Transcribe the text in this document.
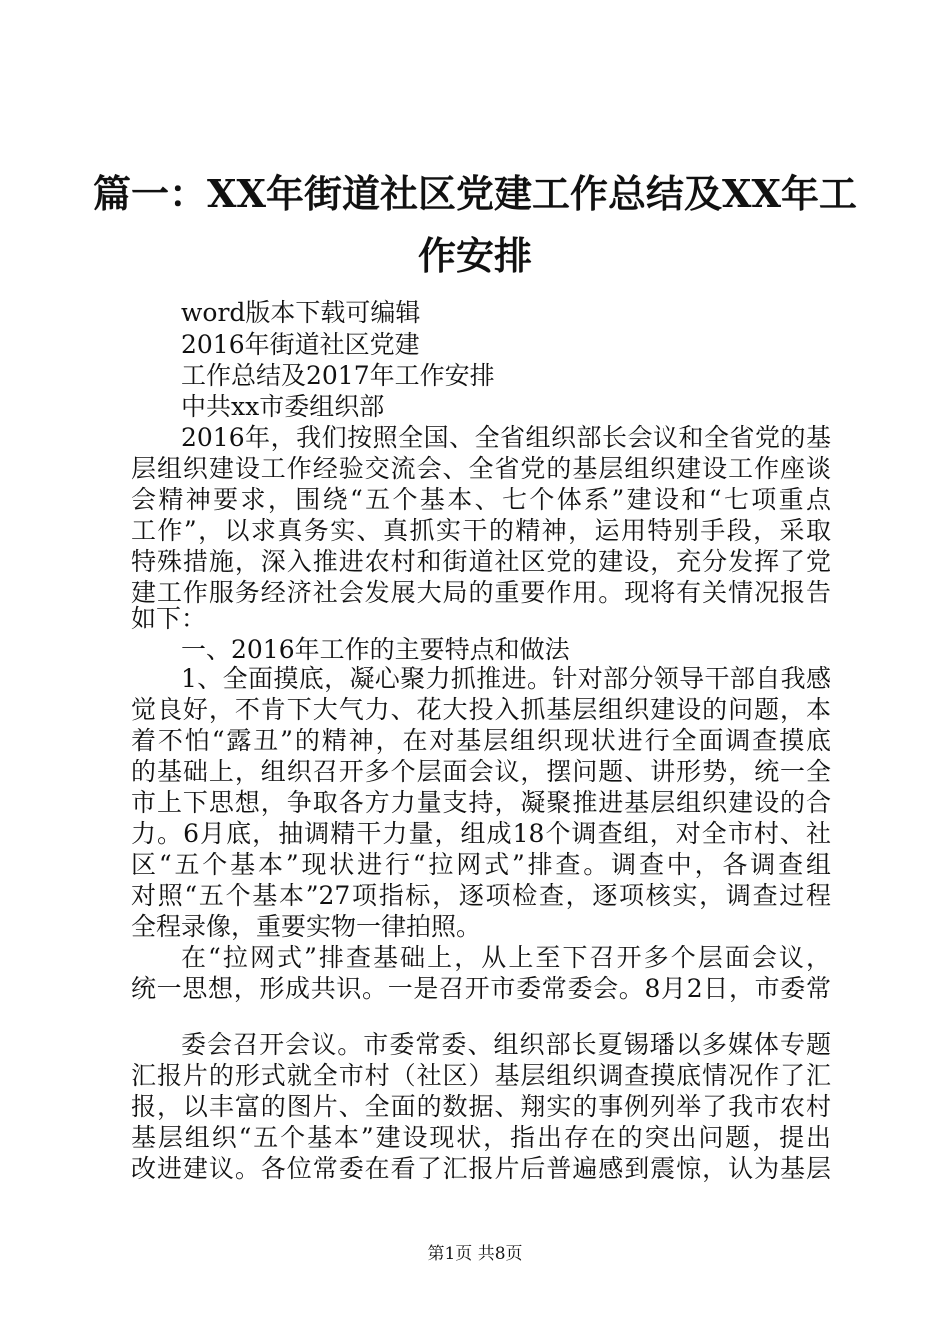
篇一：XX年街道社区党建工作总结及XX年工
作安排
word版本下载可编辑
2016年街道社区党建
工作总结及2017年工作安排
中共xx市委组织部
2016年，我们按照全国、全省组织部长会议和全省党的基
层组织建设工作经验交流会、全省党的基层组织建设工作座谈
会精神要求，围绕“五个基本、七个体系”建设和“七项重点
工作”，以求真务实、真抓实干的精神，运用特别手段，采取
特殊措施，深入推进农村和街道社区党的建设，充分发挥了党
建工作服务经济社会发展大局的重要作用。现将有关情况报告
如下：
一、2016年工作的主要特点和做法
1、全面摸底，凝心聚力抓推进。针对部分领导干部自我感
觉良好，不肯下大气力、花大投入抓基层组织建设的问题，本
着不怕“露丑”的精神，在对基层组织现状进行全面调查摸底
的基础上，组织召开多个层面会议，摆问题、讲形势，统一全
市上下思想，争取各方力量支持，凝聚推进基层组织建设的合
力。6月底，抽调精干力量，组成18个调查组，对全市村、社
区“五个基本”现状进行“拉网式”排查。调查中，各调查组
对照“五个基本”27项指标，逐项检查，逐项核实，调查过程
全程录像，重要实物一律拍照。
在“拉网式”排查基础上，从上至下召开多个层面会议，
统一思想，形成共识。一是召开市委常委会。8月2日，市委常
委会召开会议。市委常委、组织部长夏锡璠以多媒体专题
汇报片的形式就全市村（社区）基层组织调查摸底情况作了汇
报，以丰富的图片、全面的数据、翔实的事例列举了我市农村
基层组织“五个基本”建设现状，指出存在的突出问题，提出
改进建议。各位常委在看了汇报片后普遍感到震惊，认为基层
第1页 共8页
